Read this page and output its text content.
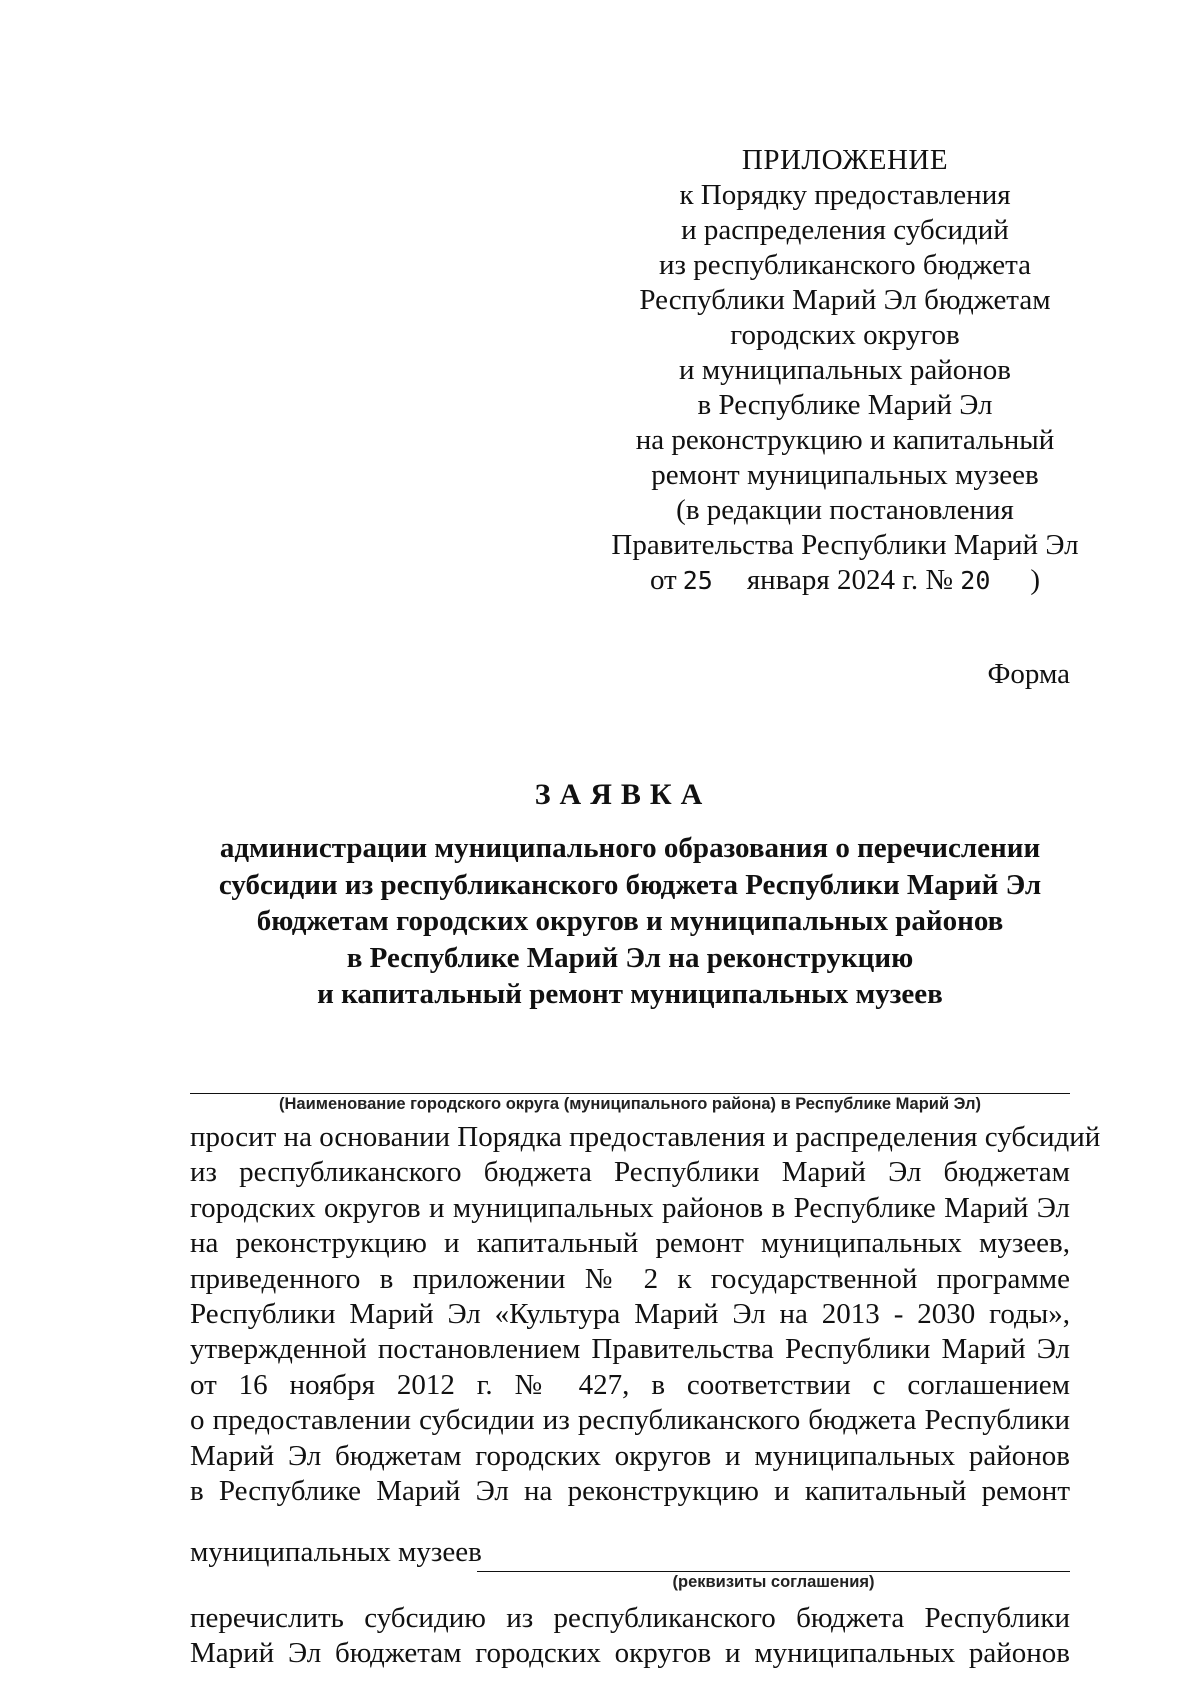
ПРИЛОЖЕНИЕ
к Порядку предоставления
и распределения субсидий
из республиканского бюджета
Республики Марий Эл бюджетам
городских округов
и муниципальных районов
в Республике Марий Эл
на реконструкцию и капитальный
ремонт муниципальных музеев
(в редакции постановления
Правительства Республики Марий Эл
от 25 января 2024 г. № 20 )
Форма
ЗАЯВКА
администрации муниципального образования о перечислении
субсидии из республиканского бюджета Республики Марий Эл
бюджетам городских округов и муниципальных районов
в Республике Марий Эл на реконструкцию
и капитальный ремонт муниципальных музеев
(Наименование городского округа (муниципального района) в Республике Марий Эл)
просит на основании Порядка предоставления и распределения субсидий
из республиканского бюджета Республики Марий Эл бюджетам
городских округов и муниципальных районов в Республике Марий Эл
на реконструкцию и капитальный ремонт муниципальных музеев,
приведенного в приложении № 2 к государственной программе
Республики Марий Эл «Культура Марий Эл на 2013 - 2030 годы»,
утвержденной постановлением Правительства Республики Марий Эл
от 16 ноября 2012 г. № 427, в соответствии с соглашением
о предоставлении субсидии из республиканского бюджета Республики
Марий Эл бюджетам городских округов и муниципальных районов
в Республике Марий Эл на реконструкцию и капитальный ремонт
муниципальных музеев
(реквизиты соглашения)
перечислить субсидию из республиканского бюджета Республики
Марий Эл бюджетам городских округов и муниципальных районов
